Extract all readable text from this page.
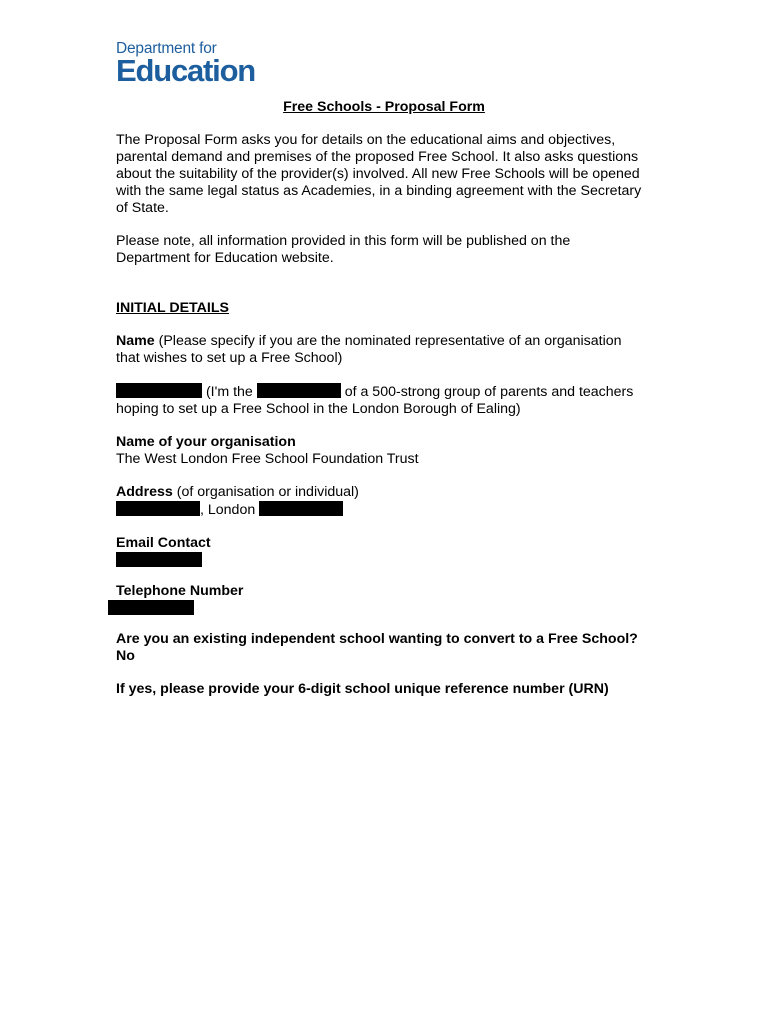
Department for
Education
Free Schools - Proposal Form

The Proposal Form asks you for details on the educational aims and objectives, parental demand and premises of the proposed Free School. It also asks questions about the suitability of the provider(s) involved. All new Free Schools will be opened with the same legal status as Academies, in a binding agreement with the Secretary of State.

Please note, all information provided in this form will be published on the Department for Education website.

INITIAL DETAILS

Name (Please specify if you are the nominated representative of an organisation that wishes to set up a Free School)

(I'm the	of a 500-strong group of parents and teachers hoping to set up a Free School in the London Borough of Ealing)

Name of your organisation

The West London Free School Foundation Trust

Address (of organisation or individual)

, London

Email Contact

Telephone Number

Are you an existing independent school wanting to convert to a Free School?

No

If yes, please provide your 6-digit school unique reference number (URN)
